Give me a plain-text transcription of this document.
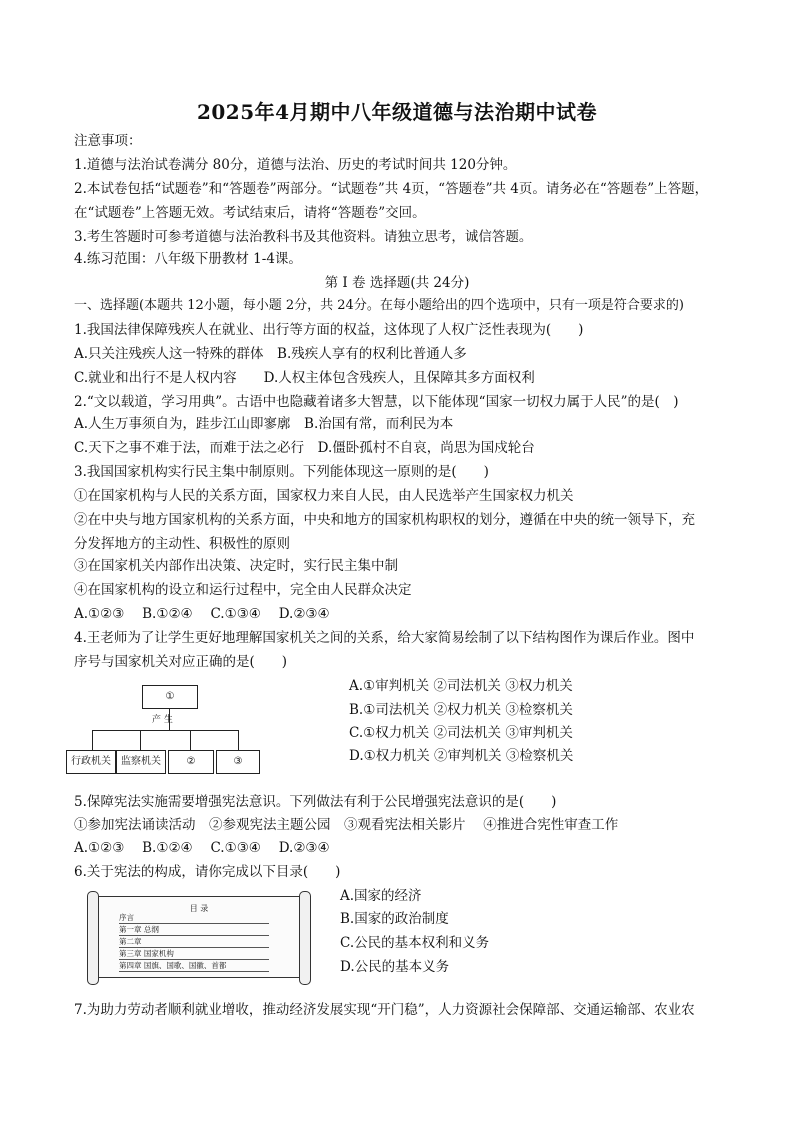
2025年4月期中八年级道德与法治期中试卷
注意事项：
1.道德与法治试卷满分 80分，道德与法治、历史的考试时间共 120分钟。
2.本试卷包括“试题卷”和“答题卷”两部分。“试题卷”共 4页，“答题卷”共 4页。请务必在“答题卷”上答题，
在“试题卷”上答题无效。考试结束后，请将“答题卷”交回。
3.考生答题时可参考道德与法治教科书及其他资料。请独立思考，诚信答题。
4.练习范围：八年级下册教材 1-4课。
第 I 卷 选择题(共 24分)
一、选择题(本题共 12小题，每小题 2分，共 24分。在每小题给出的四个选项中，只有一项是符合要求的)
1.我国法律保障残疾人在就业、出行等方面的权益，这体现了人权广泛性表现为(　　)
A.只关注残疾人这一特殊的群体　B.残疾人享有的权利比普通人多
C.就业和出行不是人权内容　　D.人权主体包含残疾人，且保障其多方面权利
2.“文以载道，学习用典”。古语中也隐藏着诸多大智慧，以下能体现“国家一切权力属于人民”的是(　)
A.人生万事须自为，跬步江山即寥廓　B.治国有常，而利民为本
C.天下之事不难于法，而难于法之必行　D.僵卧孤村不自哀，尚思为国戍轮台
3.我国国家机构实行民主集中制原则。下列能体现这一原则的是(　　)
①在国家机构与人民的关系方面，国家权力来自人民，由人民选举产生国家权力机关
②在中央与地方国家机构的关系方面，中央和地方的国家机构职权的划分，遵循在中央的统一领导下，充
分发挥地方的主动性、积极性的原则
③在国家机关内部作出决策、决定时，实行民主集中制
④在国家机构的设立和运行过程中，完全由人民群众决定
A.①②③　 B.①②④　 C.①③④　 D.②③④
4.王老师为了让学生更好地理解国家机关之间的关系，给大家简易绘制了以下结构图作为课后作业。图中
序号与国家机关对应正确的是(　　)
①
产 生
行政机关	监察机关	②	③
A.①审判机关 ②司法机关 ③权力机关
B.①司法机关 ②权力机关 ③检察机关
C.①权力机关 ②司法机关 ③审判机关
D.①权力机关 ②审判机关 ③检察机关
5.保障宪法实施需要增强宪法意识。下列做法有利于公民增强宪法意识的是(　　)
①参加宪法诵读活动　②参观宪法主题公园　③观看宪法相关影片　 ④推进合宪性审查工作
A.①②③　 B.①②④　 C.①③④　 D.②③④
6.关于宪法的构成，请你完成以下目录(　　)
目 录
序言
第一章 总纲
第二章
第三章 国家机构
第四章 国旗、国歌、国徽、首都
A.国家的经济
B.国家的政治制度
C.公民的基本权利和义务
D.公民的基本义务
7.为助力劳动者顺利就业增收，推动经济发展实现“开门稳”，人力资源社会保障部、交通运输部、农业农
